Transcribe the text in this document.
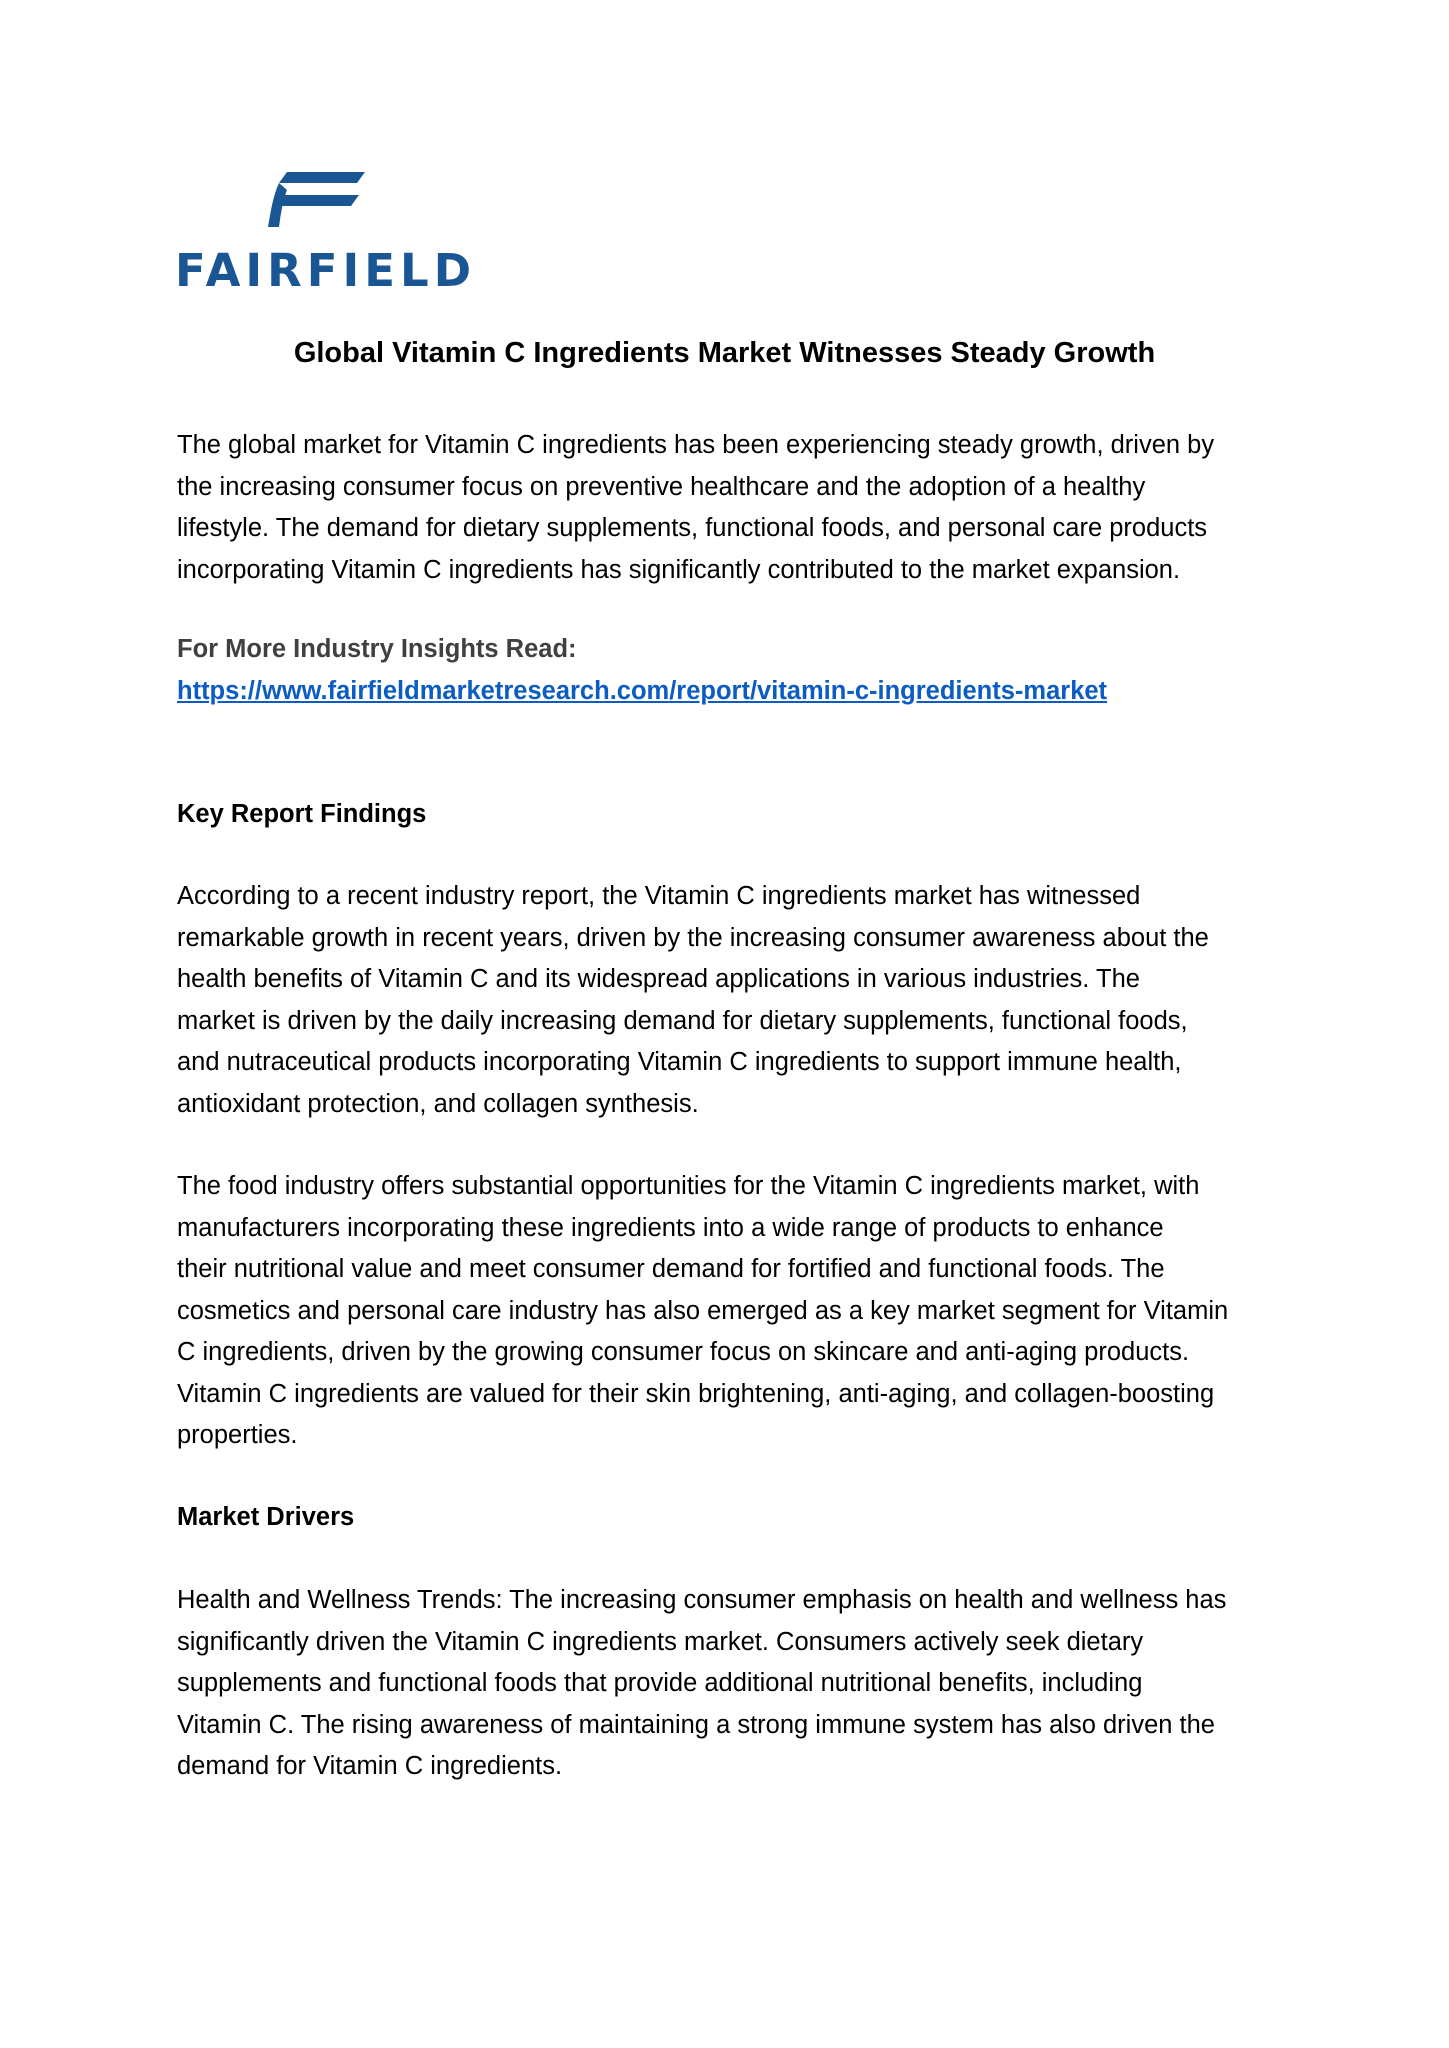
FAIRFIELD
Global Vitamin C Ingredients Market Witnesses Steady Growth
The global market for Vitamin C ingredients has been experiencing steady growth, driven by
the increasing consumer focus on preventive healthcare and the adoption of a healthy
lifestyle. The demand for dietary supplements, functional foods, and personal care products
incorporating Vitamin C ingredients has significantly contributed to the market expansion.
For More Industry Insights Read:
https://www.fairfieldmarketresearch.com/report/vitamin-c-ingredients-market
Key Report Findings
According to a recent industry report, the Vitamin C ingredients market has witnessed
remarkable growth in recent years, driven by the increasing consumer awareness about the
health benefits of Vitamin C and its widespread applications in various industries. The
market is driven by the daily increasing demand for dietary supplements, functional foods,
and nutraceutical products incorporating Vitamin C ingredients to support immune health,
antioxidant protection, and collagen synthesis.
The food industry offers substantial opportunities for the Vitamin C ingredients market, with
manufacturers incorporating these ingredients into a wide range of products to enhance
their nutritional value and meet consumer demand for fortified and functional foods. The
cosmetics and personal care industry has also emerged as a key market segment for Vitamin
C ingredients, driven by the growing consumer focus on skincare and anti-aging products.
Vitamin C ingredients are valued for their skin brightening, anti-aging, and collagen-boosting
properties.
Market Drivers
Health and Wellness Trends: The increasing consumer emphasis on health and wellness has
significantly driven the Vitamin C ingredients market. Consumers actively seek dietary
supplements and functional foods that provide additional nutritional benefits, including
Vitamin C. The rising awareness of maintaining a strong immune system has also driven the
demand for Vitamin C ingredients.
